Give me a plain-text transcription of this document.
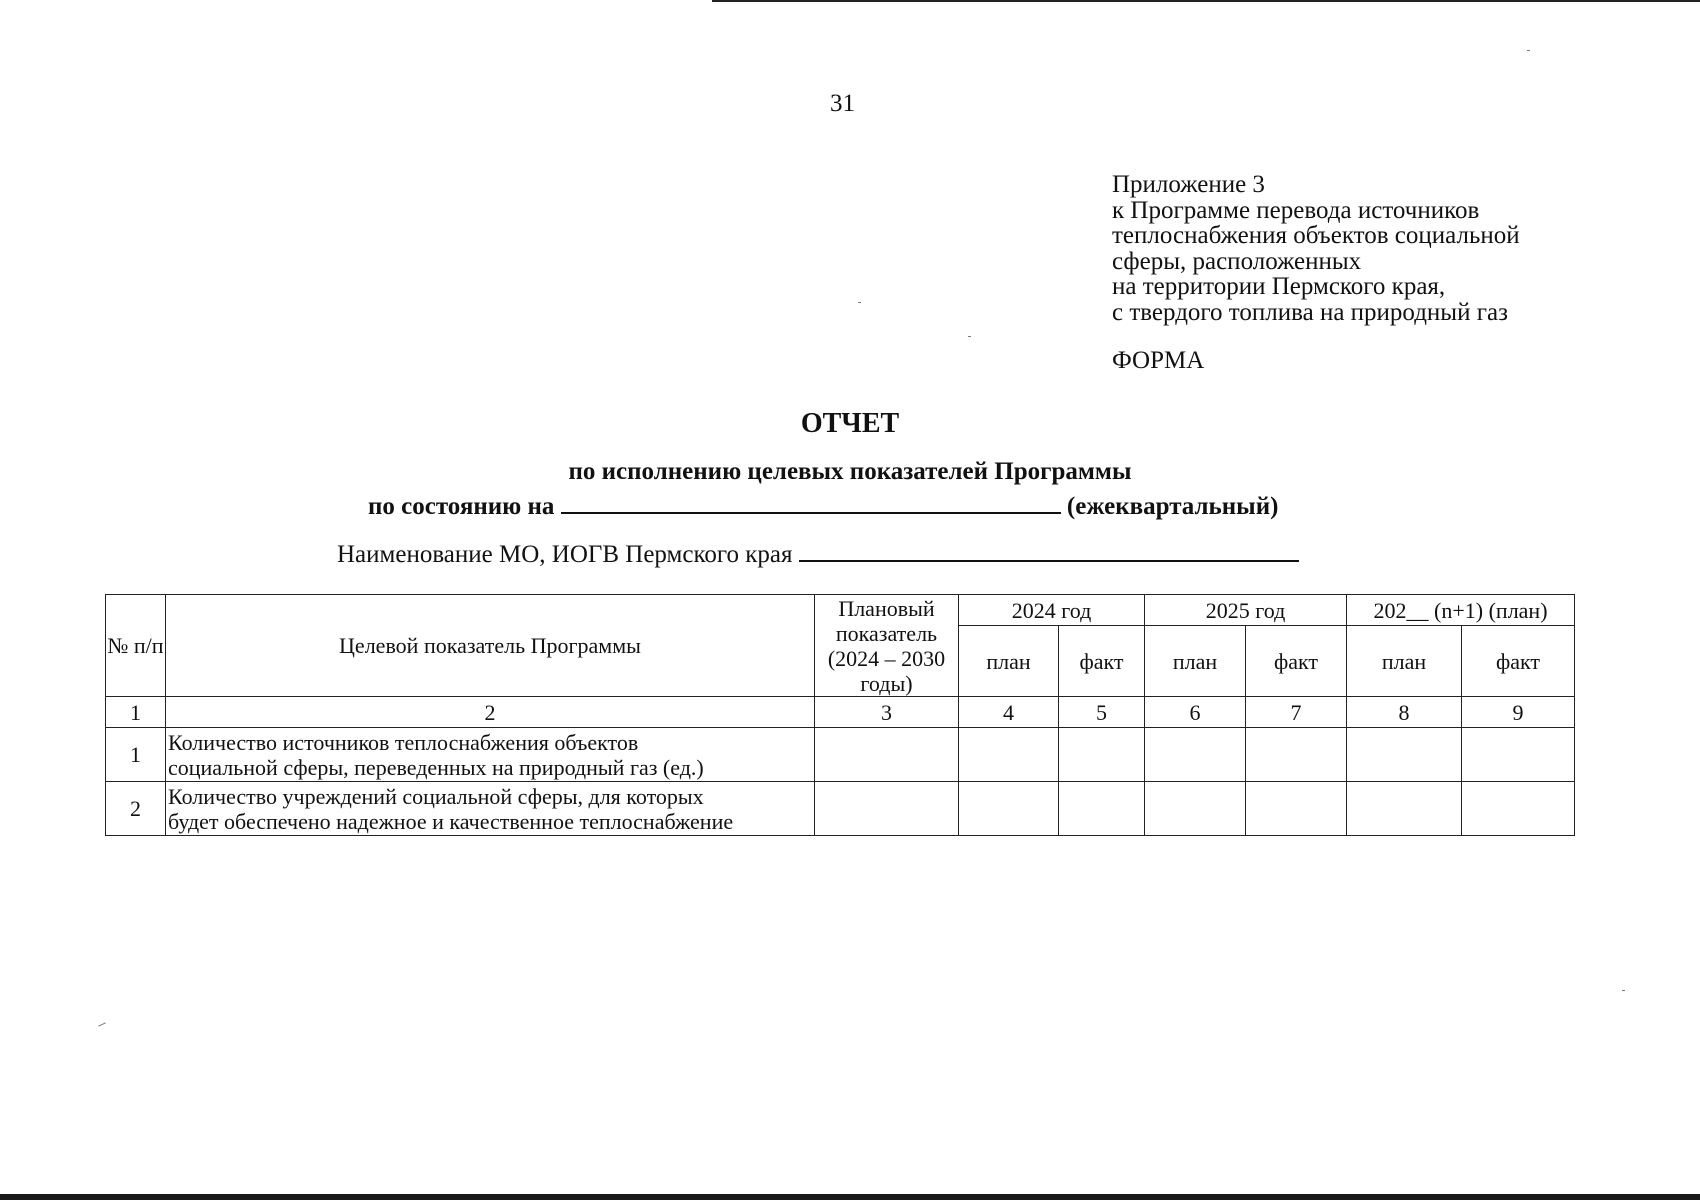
31
Приложение 3
к Программе перевода источников
теплоснабжения объектов социальной
сферы, расположенных
на территории Пермского края,
с твердого топлива на природный газ
ФОРМА
ОТЧЕТ
по исполнению целевых показателей Программы
по состоянию на	(ежеквартальный)
Наименование МО, ИОГВ Пермского края
№ п/п	Целевой показатель Программы	Плановый показатель (2024 – 2030 годы)	2024 год		2025 год		202__ (n+1) (план)	
			план	факт	план	факт	план	факт
1	2	3	4	5	6	7	8	9
1	Количество источников теплоснабжения объектов
социальной сферы, переведенных на природный газ (ед.)							

2	Количество учреждений социальной сферы, для которых
будет обеспечено надежное и качественное теплоснабжение							
